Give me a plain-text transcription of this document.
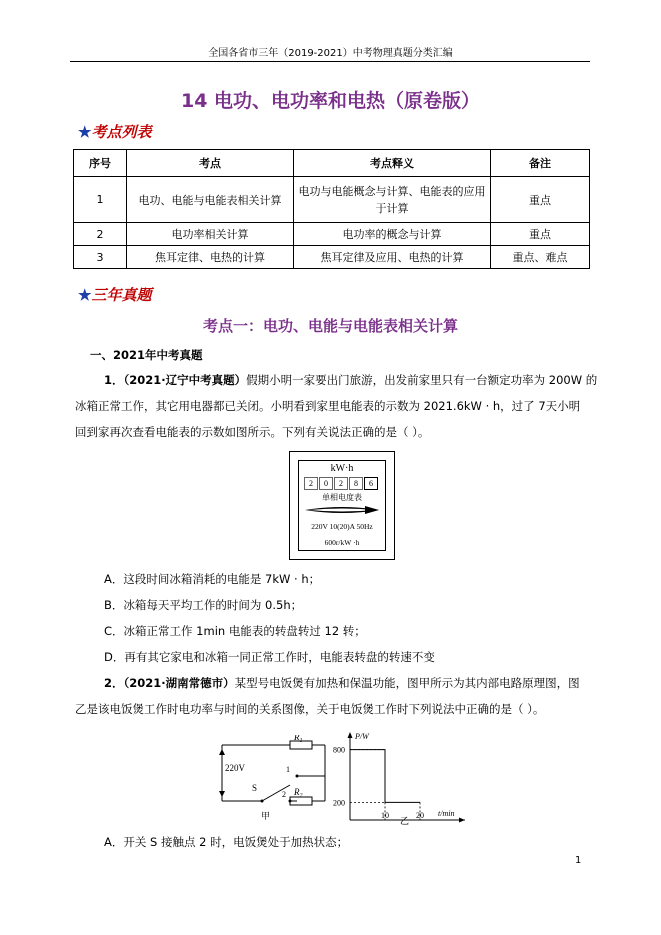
全国各省市三年（2019-2021）中考物理真题分类汇编
14 电功、电功率和电热（原卷版）
★考点列表
序号	考点	考点释义	备注
1	电功、电能与电能表相关计算	电功与电能概念与计算、电能表的应用于计算	重点
2	电功率相关计算	电功率的概念与计算	重点
3	焦耳定律、电热的计算	焦耳定律及应用、电热的计算	重点、难点
★三年真题
考点一：电功、电能与电能表相关计算
一、2021年中考真题
1．（2021·辽宁中考真题）假期小明一家要出门旅游，出发前家里只有一台额定功率为 200W 的
冰箱正常工作，其它用电器都已关闭。小明看到家里电能表的示数为 2021.6kW · h，过了 7天小明
回到家再次查看电能表的示数如图所示。下列有关说法正确的是（ ）。
kW·h
2	0	2	8	6
单相电度表
220V 10(20)A 50Hz
600r/kW ·h
A．这段时间冰箱消耗的电能是 7kW · h；
B．冰箱每天平均工作的时间为 0.5h；
C．冰箱正常工作 1min 电能表的转盘转过 12 转；
D．再有其它家电和冰箱一同正常工作时，电能表转盘的转速不变
2．（2021·湖南常德市）某型号电饭煲有加热和保温功能，图甲所示为其内部电路原理图，图
乙是该电饭煲工作时电功率与时间的关系图像，关于电饭煲工作时下列说法中正确的是（ ）。
220V
S
$R_1$
$R_2$
1
2
甲
P/W
t/min
800
200
10	20
乙
A．开关 S 接触点 2 时，电饭煲处于加热状态；
1
